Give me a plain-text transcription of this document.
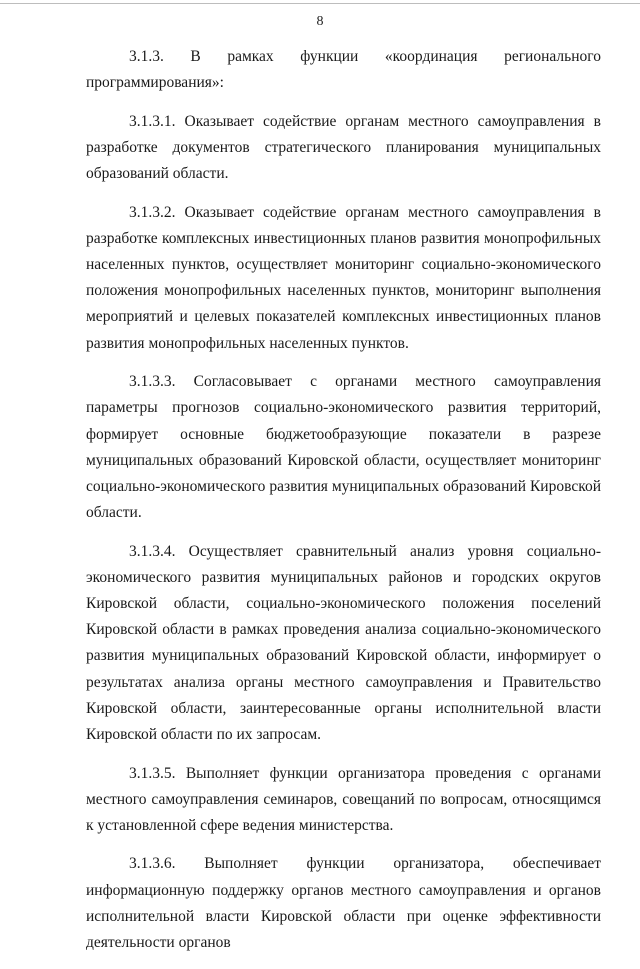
8

3.1.3. В рамках функции «координация регионального программирования»:

3.1.3.1. Оказывает содействие органам местного самоуправления в разработке документов стратегического планирования муниципальных образований области.

3.1.3.2. Оказывает содействие органам местного самоуправления в разработке комплексных инвестиционных планов развития монопрофильных населенных пунктов, осуществляет мониторинг социально-экономического положения монопрофильных населенных пунктов, мониторинг выполнения мероприятий и целевых показателей комплексных инвестиционных планов развития монопрофильных населенных пунктов.

3.1.3.3. Согласовывает с органами местного самоуправления параметры прогнозов социально-экономического развития территорий, формирует основные бюджетообразующие показатели в разрезе муниципальных образований Кировской области, осуществляет мониторинг социально-экономического развития муниципальных образований Кировской области.

3.1.3.4. Осуществляет сравнительный анализ уровня социально-экономического развития муниципальных районов и городских округов Кировской области, социально-экономического положения поселений Кировской области в рамках проведения анализа социально-экономического развития муниципальных образований Кировской области, информирует о результатах анализа органы местного самоуправления и Правительство Кировской области, заинтересованные органы исполнительной власти Кировской области по их запросам.

3.1.3.5. Выполняет функции организатора проведения с органами местного самоуправления семинаров, совещаний по вопросам, относящимся к установленной сфере ведения министерства.

3.1.3.6. Выполняет функции организатора, обеспечивает информационную поддержку органов местного самоуправления и органов исполнительной власти Кировской области при оценке эффективности деятельности органов
